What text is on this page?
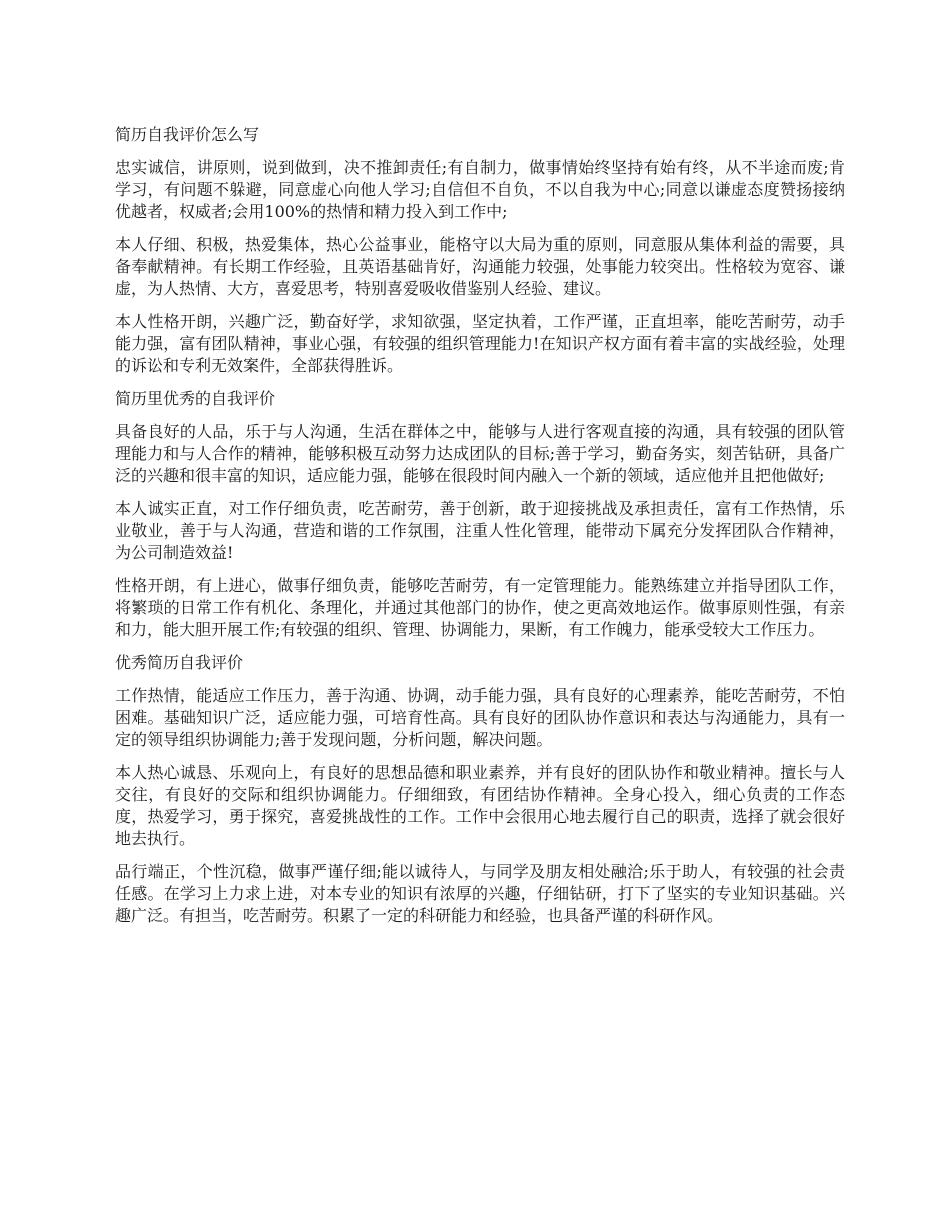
简历自我评价怎么写

忠实诚信，讲原则，说到做到，决不推卸责任;有自制力，做事情始终坚持有始有终，从不半途而废;肯学习，有问题不躲避，同意虚心向他人学习;自信但不自负，不以自我为中心;同意以谦虚态度赞扬接纳优越者，权威者;会用100%的热情和精力投入到工作中;

本人仔细、积极，热爱集体，热心公益事业，能格守以大局为重的原则，同意服从集体利益的需要，具备奉献精神。有长期工作经验，且英语基础肯好，沟通能力较强，处事能力较突出。性格较为宽容、谦虚，为人热情、大方，喜爱思考，特别喜爱吸收借鉴别人经验、建议。

本人性格开朗，兴趣广泛，勤奋好学，求知欲强，坚定执着，工作严谨，正直坦率，能吃苦耐劳，动手能力强，富有团队精神，事业心强，有较强的组织管理能力!在知识产权方面有着丰富的实战经验，处理的诉讼和专利无效案件，全部获得胜诉。

简历里优秀的自我评价

具备良好的人品，乐于与人沟通，生活在群体之中，能够与人进行客观直接的沟通，具有较强的团队管理能力和与人合作的精神，能够积极互动努力达成团队的目标;善于学习，勤奋务实，刻苦钻研，具备广泛的兴趣和很丰富的知识，适应能力强，能够在很段时间内融入一个新的领域，适应他并且把他做好;

本人诚实正直，对工作仔细负责，吃苦耐劳，善于创新，敢于迎接挑战及承担责任，富有工作热情，乐业敬业，善于与人沟通，营造和谐的工作氛围，注重人性化管理，能带动下属充分发挥团队合作精神，为公司制造效益!

性格开朗，有上进心，做事仔细负责，能够吃苦耐劳，有一定管理能力。能熟练建立并指导团队工作，将繁琐的日常工作有机化、条理化，并通过其他部门的协作，使之更高效地运作。做事原则性强，有亲和力，能大胆开展工作;有较强的组织、管理、协调能力，果断，有工作魄力，能承受较大工作压力。

优秀简历自我评价

工作热情，能适应工作压力，善于沟通、协调，动手能力强，具有良好的心理素养，能吃苦耐劳，不怕困难。基础知识广泛，适应能力强，可培育性高。具有良好的团队协作意识和表达与沟通能力，具有一定的领导组织协调能力;善于发现问题，分析问题，解决问题。

本人热心诚恳、乐观向上，有良好的思想品德和职业素养，并有良好的团队协作和敬业精神。擅长与人交往，有良好的交际和组织协调能力。仔细细致，有团结协作精神。全身心投入，细心负责的工作态度，热爱学习，勇于探究，喜爱挑战性的工作。工作中会很用心地去履行自己的职责，选择了就会很好地去执行。

品行端正，个性沉稳，做事严谨仔细;能以诚待人，与同学及朋友相处融洽;乐于助人，有较强的社会责任感。在学习上力求上进，对本专业的知识有浓厚的兴趣，仔细钻研，打下了坚实的专业知识基础。兴趣广泛。有担当，吃苦耐劳。积累了一定的科研能力和经验，也具备严谨的科研作风。
